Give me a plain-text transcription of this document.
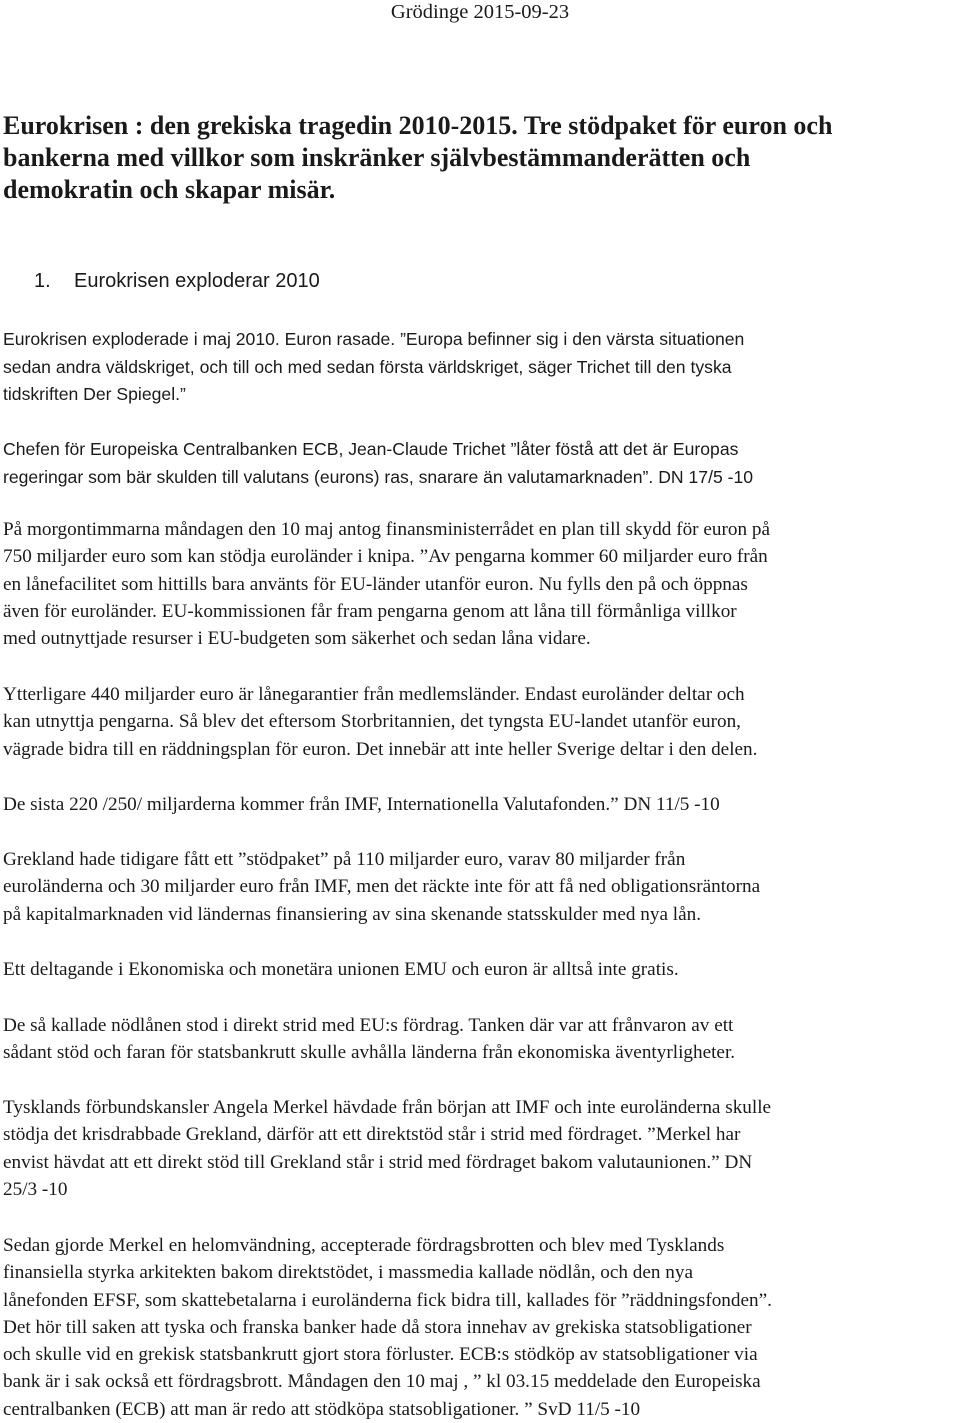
Grödinge 2015-09-23
Eurokrisen : den grekiska tragedin 2010-2015. Tre stödpaket för euron och
bankerna med villkor som inskränker självbestämmanderätten och
demokratin och skapar misär.
1. Eurokrisen exploderar 2010

Eurokrisen exploderade i maj 2010. Euron rasade. ”Europa befinner sig i den värsta situationen
sedan andra väldskriget, och till och med sedan första världskriget, säger Trichet till den tyska
tidskriften Der Spiegel.”

Chefen för Europeiska Centralbanken ECB, Jean-Claude Trichet ”låter föstå att det är Europas
regeringar som bär skulden till valutans (eurons) ras, snarare än valutamarknaden”. DN 17/5 -10

På morgontimmarna måndagen den 10 maj antog finansministerrådet en plan till skydd för euron på
750 miljarder euro som kan stödja euroländer i knipa. ”Av pengarna kommer 60 miljarder euro från
en lånefacilitet som hittills bara använts för EU-länder utanför euron. Nu fylls den på och öppnas
även för euroländer. EU-kommissionen får fram pengarna genom att låna till förmånliga villkor
med outnyttjade resurser i EU-budgeten som säkerhet och sedan låna vidare.

Ytterligare 440 miljarder euro är lånegarantier från medlemsländer. Endast euroländer deltar och
kan utnyttja pengarna. Så blev det eftersom Storbritannien, det tyngsta EU-landet utanför euron,
vägrade bidra till en räddningsplan för euron. Det innebär att inte heller Sverige deltar i den delen.

De sista 220 /250/ miljarderna kommer från IMF, Internationella Valutafonden.” DN 11/5 -10

Grekland hade tidigare fått ett ”stödpaket” på 110 miljarder euro, varav 80 miljarder från
euroländerna och 30 miljarder euro från IMF, men det räckte inte för att få ned obligationsräntorna
på kapitalmarknaden vid ländernas finansiering av sina skenande statsskulder med nya lån.

Ett deltagande i Ekonomiska och monetära unionen EMU och euron är alltså inte gratis.

De så kallade nödlånen stod i direkt strid med EU:s fördrag. Tanken där var att frånvaron av ett
sådant stöd och faran för statsbankrutt skulle avhålla länderna från ekonomiska äventyrligheter.

Tysklands förbundskansler Angela Merkel hävdade från början att IMF och inte euroländerna skulle
stödja det krisdrabbade Grekland, därför att ett direktstöd står i strid med fördraget. ”Merkel har
envist hävdat att ett direkt stöd till Grekland står i strid med fördraget bakom valutaunionen.” DN
25/3 -10

Sedan gjorde Merkel en helomvändning, accepterade fördragsbrotten och blev med Tysklands
finansiella styrka arkitekten bakom direktstödet, i massmedia kallade nödlån, och den nya
lånefonden EFSF, som skattebetalarna i euroländerna fick bidra till, kallades för ”räddningsfonden”.
Det hör till saken att tyska och franska banker hade då stora innehav av grekiska statsobligationer
och skulle vid en grekisk statsbankrutt gjort stora förluster. ECB:s stödköp av statsobligationer via
bank är i sak också ett fördragsbrott. Måndagen den 10 maj , ” kl 03.15 meddelade den Europeiska
centralbanken (ECB) att man är redo att stödköpa statsobligationer. ” SvD 11/5 -10
